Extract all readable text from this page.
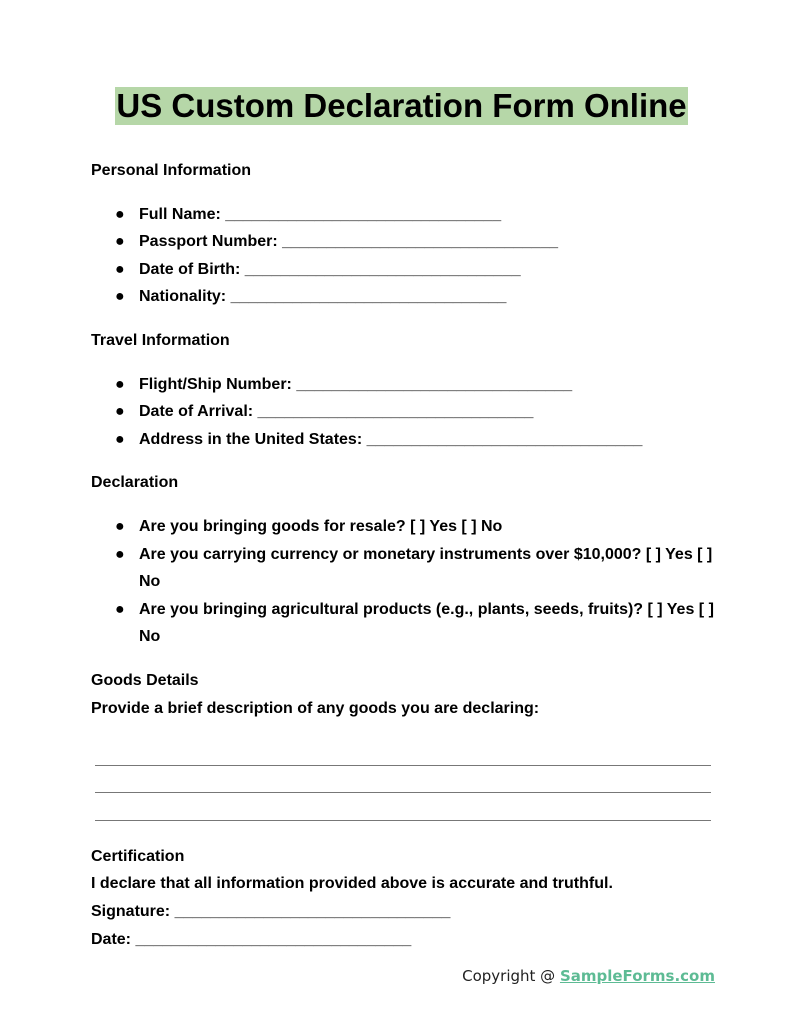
US Custom Declaration Form Online

Personal Information

● Full Name: _______________________________
● Passport Number: _______________________________
● Date of Birth: _______________________________
● Nationality: _______________________________

Travel Information

● Flight/Ship Number: _______________________________
● Date of Arrival: _______________________________
● Address in the United States: _______________________________

Declaration

● Are you bringing goods for resale? [ ] Yes [ ] No
● Are you carrying currency or monetary instruments over $10,000? [ ] Yes [ ] No
● Are you bringing agricultural products (e.g., plants, seeds, fruits)? [ ] Yes [ ] No

Goods Details

Provide a brief description of any goods you are declaring:

Certification

I declare that all information provided above is accurate and truthful.

Signature: _______________________________

Date: _______________________________

Copyright @ SampleForms.com
